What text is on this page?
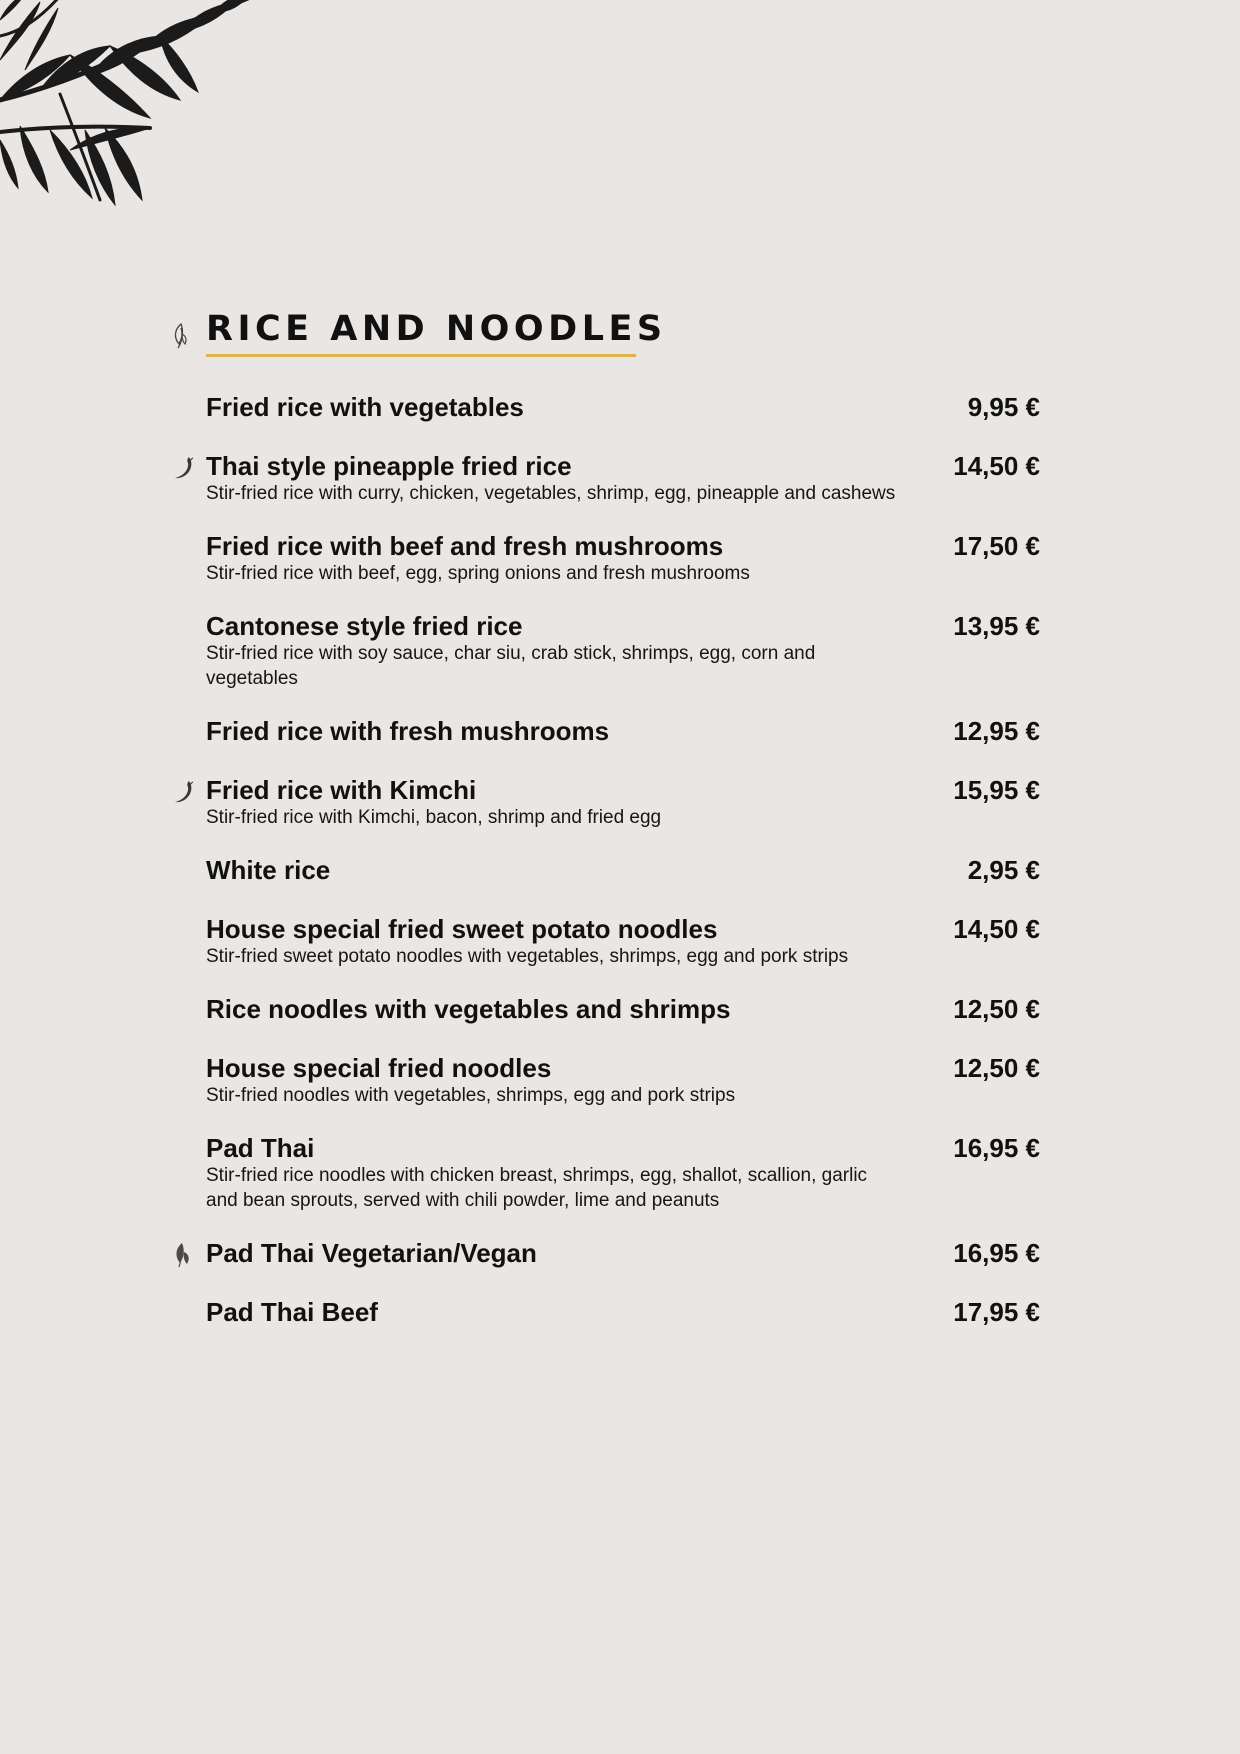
RICE AND NOODLES
Fried rice with vegetables	9,95 €
Thai style pineapple fried rice	14,50 €
Stir-fried rice with curry, chicken, vegetables, shrimp, egg, pineapple and cashews
Fried rice with beef and fresh mushrooms	17,50 €
Stir-fried rice with beef, egg, spring onions and fresh mushrooms
Cantonese style fried rice	13,95 €
Stir-fried rice with soy sauce, char siu, crab stick, shrimps, egg, corn and vegetables
Fried rice with fresh mushrooms	12,95 €
Fried rice with Kimchi	15,95 €
Stir-fried rice with Kimchi, bacon, shrimp and fried egg
White rice	2,95 €
House special fried sweet potato noodles	14,50 €
Stir-fried sweet potato noodles with vegetables, shrimps, egg and pork strips
Rice noodles with vegetables and shrimps	12,50 €
House special fried noodles	12,50 €
Stir-fried noodles with vegetables, shrimps, egg and pork strips
Pad Thai	16,95 €
Stir-fried rice noodles with chicken breast, shrimps, egg, shallot, scallion, garlic and bean sprouts, served with chili powder, lime and peanuts
Pad Thai Vegetarian/Vegan	16,95 €
Pad Thai Beef	17,95 €
